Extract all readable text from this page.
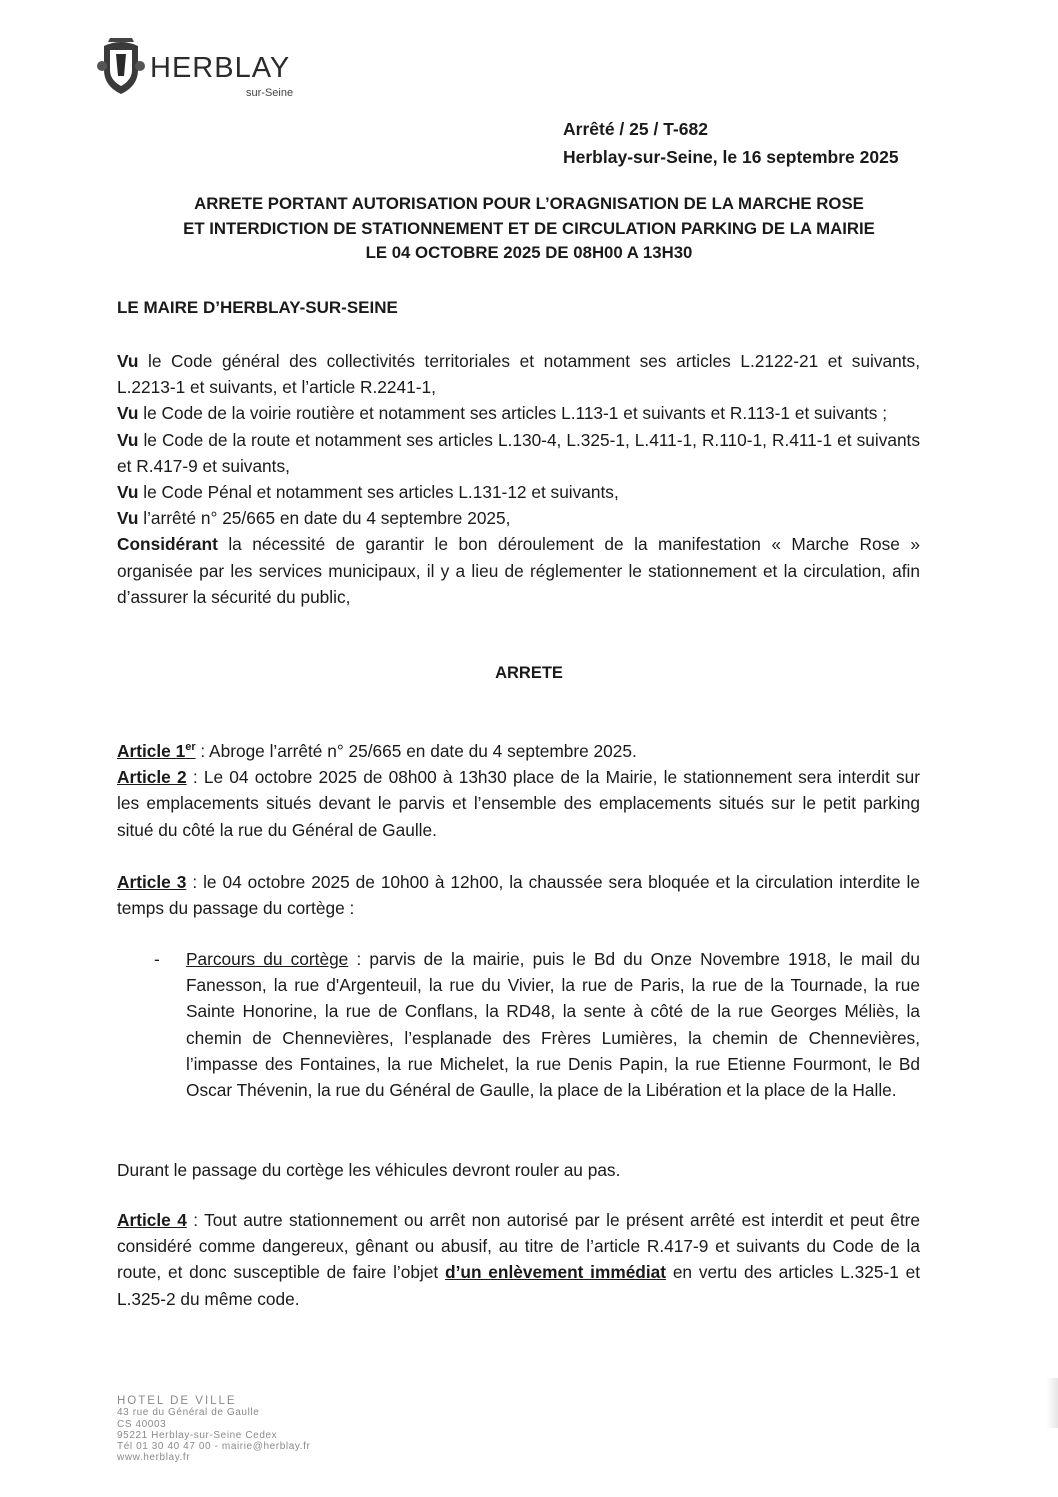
HERBLAY
sur-Seine
Arrêté / 25 / T-682
Herblay-sur-Seine, le 16 septembre 2025
ARRETE PORTANT AUTORISATION POUR L’ORAGNISATION DE LA MARCHE ROSE
ET INTERDICTION DE STATIONNEMENT ET DE CIRCULATION PARKING DE LA MAIRIE
LE 04 OCTOBRE 2025 DE 08H00 A 13H30
LE MAIRE D’HERBLAY-SUR-SEINE
Vu le Code général des collectivités territoriales et notamment ses articles L.2122-21 et suivants, L.2213-1 et suivants, et l’article R.2241-1,
Vu le Code de la voirie routière et notamment ses articles L.113-1 et suivants et R.113-1 et suivants ;
Vu le Code de la route et notamment ses articles L.130-4, L.325-1, L.411-1, R.110-1, R.411-1 et suivants et R.417-9 et suivants,
Vu le Code Pénal et notamment ses articles L.131-12 et suivants,
Vu l’arrêté n° 25/665 en date du 4 septembre 2025,
Considérant la nécessité de garantir le bon déroulement de la manifestation « Marche Rose » organisée par les services municipaux, il y a lieu de réglementer le stationnement et la circulation, afin d’assurer la sécurité du public,
ARRETE
Article 1er : Abroge l’arrêté n° 25/665 en date du 4 septembre 2025.
Article 2 : Le 04 octobre 2025 de 08h00 à 13h30 place de la Mairie, le stationnement sera interdit sur les emplacements situés devant le parvis et l’ensemble des emplacements situés sur le petit parking situé du côté la rue du Général de Gaulle.
Article 3 : le 04 octobre 2025 de 10h00 à 12h00, la chaussée sera bloquée et la circulation interdite le temps du passage du cortège :
- Parcours du cortège : parvis de la mairie, puis le Bd du Onze Novembre 1918, le mail du Fanesson, la rue d'Argenteuil, la rue du Vivier, la rue de Paris, la rue de la Tournade, la rue Sainte Honorine, la rue de Conflans, la RD48, la sente à côté de la rue Georges Méliès, la chemin de Chennevières, l’esplanade des Frères Lumières, la chemin de Chennevières, l’impasse des Fontaines, la rue Michelet, la rue Denis Papin, la rue Etienne Fourmont, le Bd Oscar Thévenin, la rue du Général de Gaulle, la place de la Libération et la place de la Halle.
Durant le passage du cortège les véhicules devront rouler au pas.
Article 4 : Tout autre stationnement ou arrêt non autorisé par le présent arrêté est interdit et peut être considéré comme dangereux, gênant ou abusif, au titre de l’article R.417-9 et suivants du Code de la route, et donc susceptible de faire l’objet d’un enlèvement immédiat en vertu des articles L.325-1 et L.325-2 du même code.
HOTEL DE VILLE
43 rue du Général de Gaulle
CS 40003
95221 Herblay-sur-Seine Cedex
Tél 01 30 40 47 00 - mairie@herblay.fr
www.herblay.fr
